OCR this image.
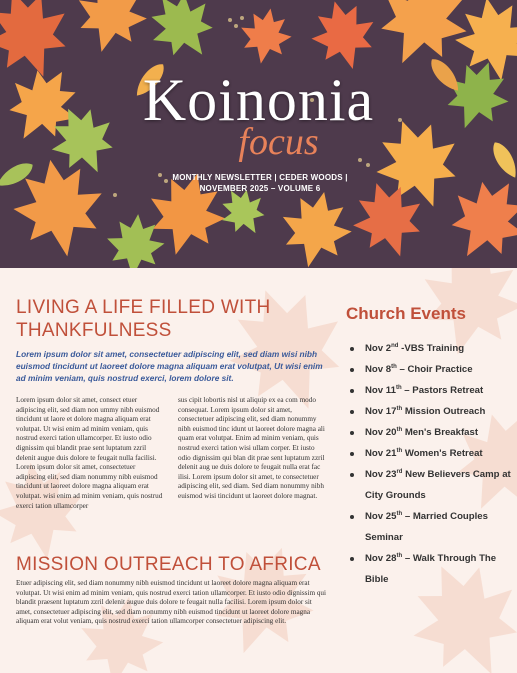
Koinonia
focus
MONTHLY NEWSLETTER | CEDER WOODS |
NOVEMBER 2025 – VOLUME 6
LIVING A LIFE FILLED WITH THANKFULNESS

Lorem ipsum dolor sit amet, consectetuer adipiscing elit, sed diam wisi nibh euismod tincidunt ut laoreet dolore magna aliquam erat volutpat, Ut wisi enim ad minim veniam, quis nostrud exerci, lorem dolore sit.

Lorem ipsum dolor sit amet, consect etuer adipiscing elit, sed diam non ummy nibh euismod tincidunt ut laore et dolore magna aliquam erat volutpat. Ut wisi enim ad minim veniam, quis nostrud exerci tation ullamcorper. Et iusto odio dignissim qui blandit prae sent luptatum zzril delenit augue duis dolore te feugait nulla facilisi. Lorem ipsum dolor sit amet, consectetuer adipiscing elit, sed diam nonummy nibh euismod tincidunt ut laoreet dolore magna aliquam erat volutpat. wisi enim ad minim veniam, quis nostrud exerci tation ullamcorper

sus cipit lobortis nisl ut aliquip ex ea com modo consequat. Lorem ipsum dolor sit amet, consectetuer adipiscing elit, sed diam nonummy nibh euismod tinc idunt ut laoreet dolore magna ali quam erat volutpat. Enim ad minim veniam, quis nostrud exerci tation wisi ullam corper. Et iusto odio dignissim qui blan dit prae sent luptatum zzril delenit aug ue duis dolore te feugait nulla erat fac ilisi. Lorem ipsum dolor sit amet, te consectetuer adipiscing elit, sed diam. Sed diam nonummy nibh euismod wisi tincidunt ut laoreet dolore magnat.

MISSION OUTREACH TO AFRICA

Etuer adipiscing elit, sed diam nonummy nibh euismod tincidunt ut laoreet dolore magna aliquam erat volutpat. Ut wisi enim ad minim veniam, quis nostrud exerci tation ullamcorper. Et iusto odio dignissim qui blandit praesent luptatum zzril delenit augue duis dolore te feugait nulla facilisi. Lorem ipsum dolor sit amet, consectetuer adipiscing elit, sed diam nonummy nibh euismod tincidunt ut laoreet dolore magna aliquam erat volut veniam, quis nostrud exerci tation ullamcorper consectetuer adipiscing elit.

Church Events
Nov 2nd -VBS Training
Nov 8th – Choir Practice
Nov 11th – Pastors Retreat
Nov 17th Mission Outreach
Nov 20th Men's Breakfast
Nov 21th Women's Retreat
Nov 23rd New Believers Camp at City Grounds
Nov 25th – Married Couples Seminar
Nov 28th – Walk Through The Bible
